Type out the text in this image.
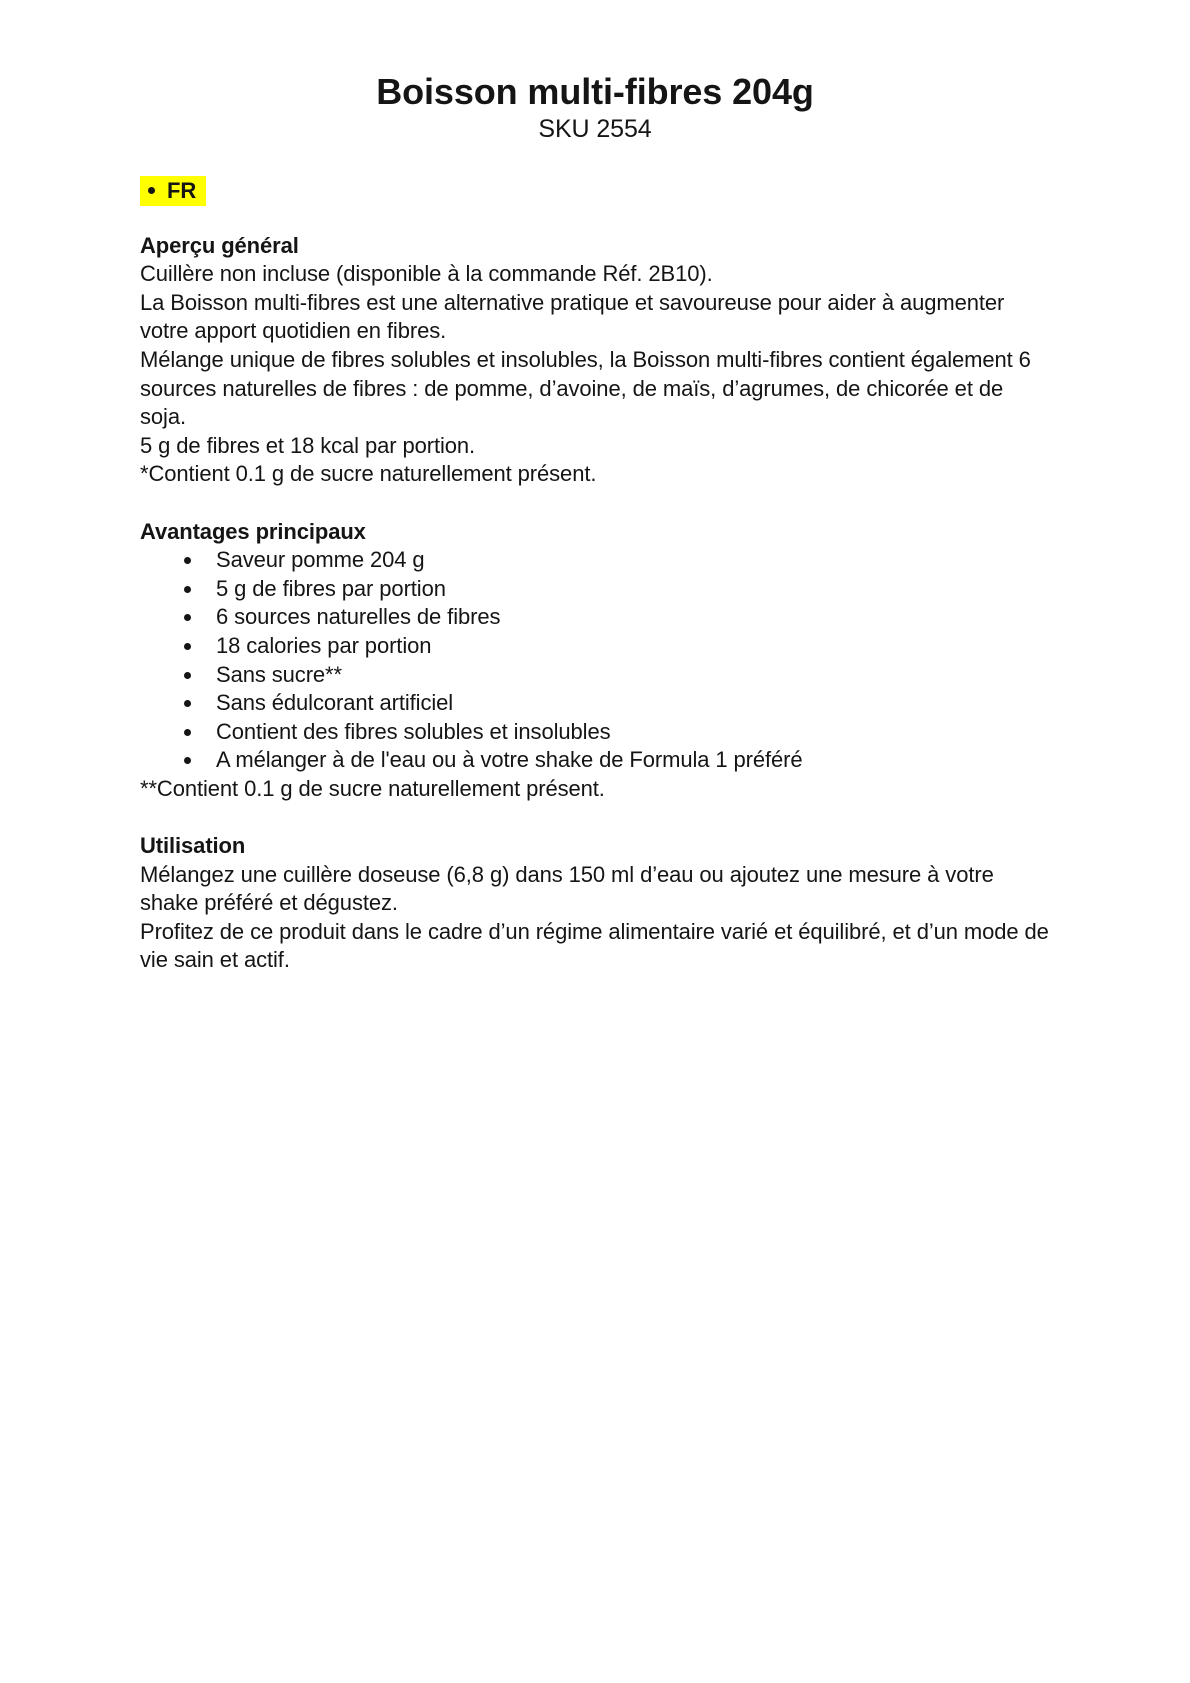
Boisson multi-fibres 204g
SKU 2554
FR
Aperçu général

Cuillère non incluse (disponible à la commande Réf. 2B10).

La Boisson multi-fibres est une alternative pratique et savoureuse pour aider à augmenter votre apport quotidien en fibres.

Mélange unique de fibres solubles et insolubles, la Boisson multi-fibres contient également 6 sources naturelles de fibres : de pomme, d’avoine, de maïs, d’agrumes, de chicorée et de soja.

5 g de fibres et 18 kcal par portion.

*Contient 0.1 g de sucre naturellement présent.

Avantages principaux
Saveur pomme 204 g
5 g de fibres par portion
6 sources naturelles de fibres
18 calories par portion
Sans sucre**
Sans édulcorant artificiel
Contient des fibres solubles et insolubles
A mélanger à de l'eau ou à votre shake de Formula 1 préféré

**Contient 0.1 g de sucre naturellement présent.

Utilisation

Mélangez une cuillère doseuse (6,8 g) dans 150 ml d’eau ou ajoutez une mesure à votre shake préféré et dégustez.

Profitez de ce produit dans le cadre d’un régime alimentaire varié et équilibré, et d’un mode de vie sain et actif.
